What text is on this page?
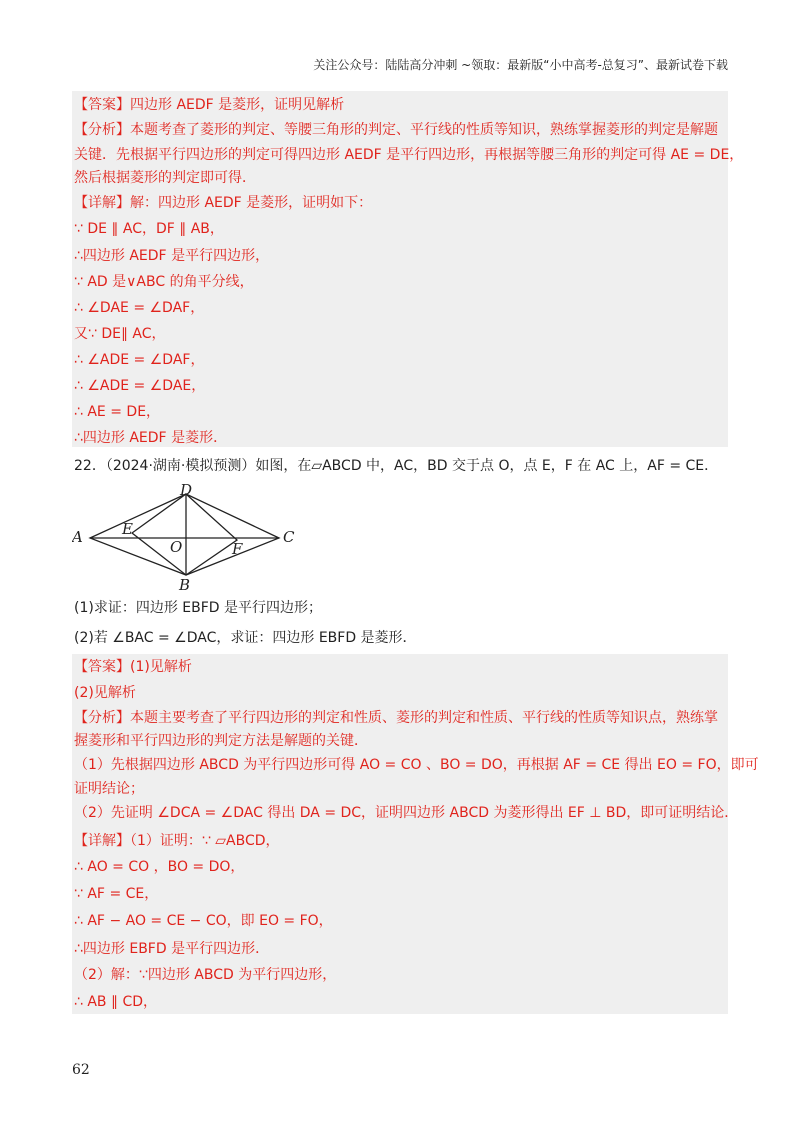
关注公众号：陆陆高分冲刺 ~领取：最新版“小中高考-总复习”、最新试卷下载
【答案】四边形 AEDF 是菱形，证明见解析
【分析】本题考查了菱形的判定、等腰三角形的判定、平行线的性质等知识，熟练掌握菱形的判定是解题
关键．先根据平行四边形的判定可得四边形 AEDF 是平行四边形，再根据等腰三角形的判定可得 AE = DE，
然后根据菱形的判定即可得．
【详解】解：四边形 AEDF 是菱形，证明如下：
∵ DE ∥ AC，DF ∥ AB，
∴四边形 AEDF 是平行四边形，
∵ AD 是∨ABC 的角平分线，
∴ ∠DAE = ∠DAF，
又∵ DE∥ AC，
∴ ∠ADE = ∠DAF，
∴ ∠ADE = ∠DAE，
∴ AE = DE，
∴四边形 AEDF 是菱形．
22．（2024·湖南·模拟预测）如图，在▱ABCD 中，AC，BD 交于点 O，点 E，F 在 AC 上，AF = CE．
D
A	E
O	F
C
B
(1)求证：四边形 EBFD 是平行四边形；
(2)若 ∠BAC = ∠DAC，求证：四边形 EBFD 是菱形．
【答案】(1)见解析
(2)见解析
【分析】本题主要考查了平行四边形的判定和性质、菱形的判定和性质、平行线的性质等知识点，熟练掌
握菱形和平行四边形的判定方法是解题的关键．
（1）先根据四边形 ABCD 为平行四边形可得 AO = CO 、BO = DO，再根据 AF = CE 得出 EO = FO，即可
证明结论；
（2）先证明 ∠DCA = ∠DAC 得出 DA = DC，证明四边形 ABCD 为菱形得出 EF ⊥ BD，即可证明结论．
【详解】（1）证明：∵ ▱ABCD，
∴ AO = CO ，BO = DO，
∵ AF = CE，
∴ AF − AO = CE − CO，即 EO = FO，
∴四边形 EBFD 是平行四边形．
（2）解：∵四边形 ABCD 为平行四边形，
∴ AB ∥ CD，
62
